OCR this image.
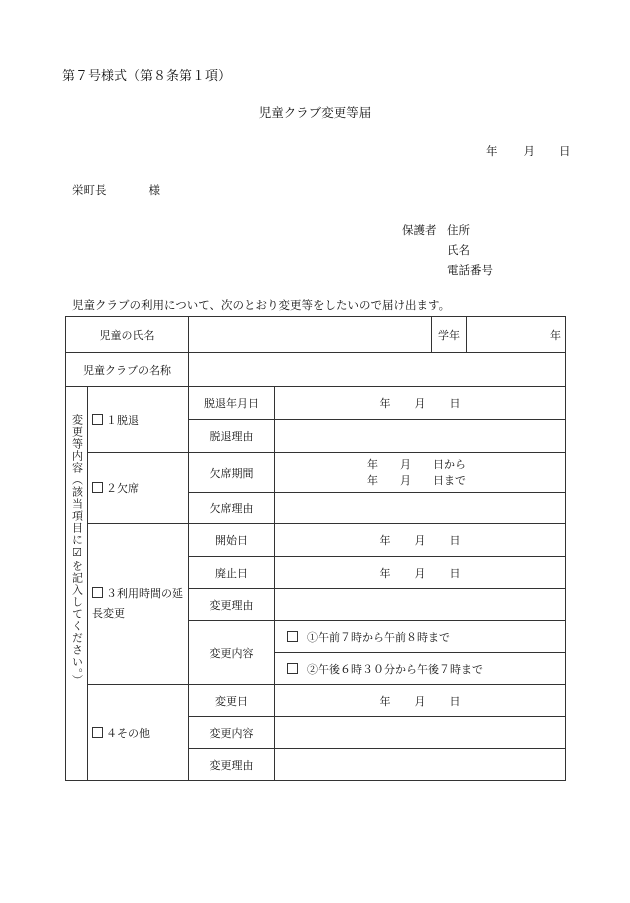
第７号様式（第８条第１項）
児童クラブ変更等届
年 月 日
栄町長	様
保護者 住所
氏名
電話番号
児童クラブの利用について、次のとおり変更等をしたいので届け出ます。
児童の氏名				学年	年
児童クラブの名称					

変更等内容（該当項目に☑を記入してください。）	１脱退	脱退年月日	年 月 日		

		脱退理由			
	２欠席	欠席期間	年 月 日から
年 月 日まで		

		欠席理由			
	３利用時間の延長変更	開始日	年 月 日		

		廃止日	年 月 日		

		変更理由			
		変更内容	①午前７時から午前８時まで		
			②午後６時３０分から午後７時まで		
	４その他	変更日	年 月 日		

		変更内容			
		変更理由			
